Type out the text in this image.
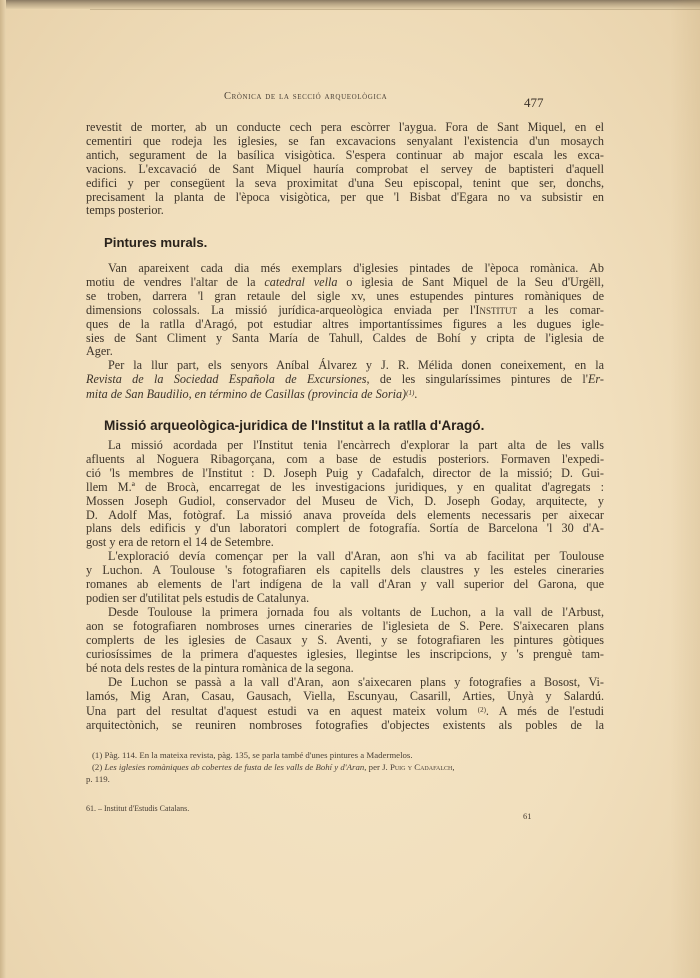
Crònica de la secció arqueològica	477
revestit de morter, ab un conducte cech pera escòrrer l'aygua. Fora de Sant Miquel, en el
cementiri que rodeja les iglesies, se fan excavacions senyalant l'existencia d'un mosaych
antich, segurament de la basílica visigòtica. S'espera continuar ab major escala les exca-
vacions. L'excavació de Sant Miquel hauría comprobat el servey de baptisteri d'aquell
edifici y per consegüent la seva proximitat d'una Seu episcopal, tenint que ser, donchs,
precisament la planta de l'època visigòtica, per que 'l Bisbat d'Egara no va subsistir en
temps posterior.
Pintures murals.
Van apareixent cada dia més exemplars d'iglesies pintades de l'època romànica. Ab
motiu de vendres l'altar de la catedral vella o iglesia de Sant Miquel de la Seu d'Urgëll,
se troben, darrera 'l gran retaule del sigle xv, unes estupendes pintures romàniques de
dimensions colossals. La missió jurídica-arqueològica enviada per l'Institut a les comar-
ques de la ratlla d'Aragó, pot estudiar altres importantíssimes figures a les dugues igle-
sies de Sant Climent y Santa María de Tahull, Caldes de Bohí y cripta de l'iglesia de
Ager.
Per la llur part, els senyors Aníbal Álvarez y J. R. Mélida donen coneixement, en la
Revista de la Sociedad Española de Excursiones, de les singularíssimes pintures de l'Er-
mita de San Baudilio, en término de Casillas (provincia de Soria)$^{(1)}$.
Missió arqueològica-juridica de l'Institut a la ratlla d'Aragó.
La missió acordada per l'Institut tenia l'encàrrech d'explorar la part alta de les valls
afluents al Noguera Ribagorçana, com a base de estudis posteriors. Formaven l'expedi-
ció 'ls membres de l'Institut : D. Joseph Puig y Cadafalch, director de la missió; D. Gui-
llem M.ª de Brocà, encarregat de les investigacions juridiques, y en qualitat d'agregats :
Mossen Joseph Gudiol, conservador del Museu de Vich, D. Joseph Goday, arquitecte, y
D. Adolf Mas, fotògraf. La missió anava proveída dels elements necessaris per aixecar
plans dels edificis y d'un laboratori complert de fotografía. Sortía de Barcelona 'l 30 d'A-
gost y era de retorn el 14 de Setembre.
L'exploració devía començar per la vall d'Aran, aon s'hi va ab facilitat per Toulouse
y Luchon. A Toulouse 's fotografiaren els capitells dels claustres y les esteles cineraries
romanes ab elements de l'art indígena de la vall d'Aran y vall superior del Garona, que
podien ser d'utilitat pels estudis de Catalunya.
Desde Toulouse la primera jornada fou als voltants de Luchon, a la vall de l'Arbust,
aon se fotografiaren nombroses urnes cineraries de l'iglesieta de S. Pere. S'aixecaren plans
complerts de les iglesies de Casaux y S. Aventi, y se fotografiaren les pintures gòtiques
curiosíssimes de la primera d'aquestes iglesies, llegintse les inscripcions, y 's prenguè tam-
bé nota dels restes de la pintura romànica de la segona.
De Luchon se passà a la vall d'Aran, aon s'aixecaren plans y fotografies a Bosost, Vi-
lamós, Mig Aran, Casau, Gausach, Viella, Escunyau, Casarill, Arties, Unyà y Salardú.
Una part del resultat d'aquest estudi va en aquest mateix volum $^{(2)}$. A més de l'estudi
arquitectònich, se reuniren nombroses fotografies d'objectes existents als pobles de la
(1) Pàg. 114. En la mateixa revista, pàg. 135, se parla també d'unes pintures a Madermelos.
(2) Les iglesies romàniques ab cobertes de fusta de les valls de Bohí y d'Aran, per J. Puig y Cadafalch,
p. 119.
61. – Institut d'Estudis Catalans.
61
